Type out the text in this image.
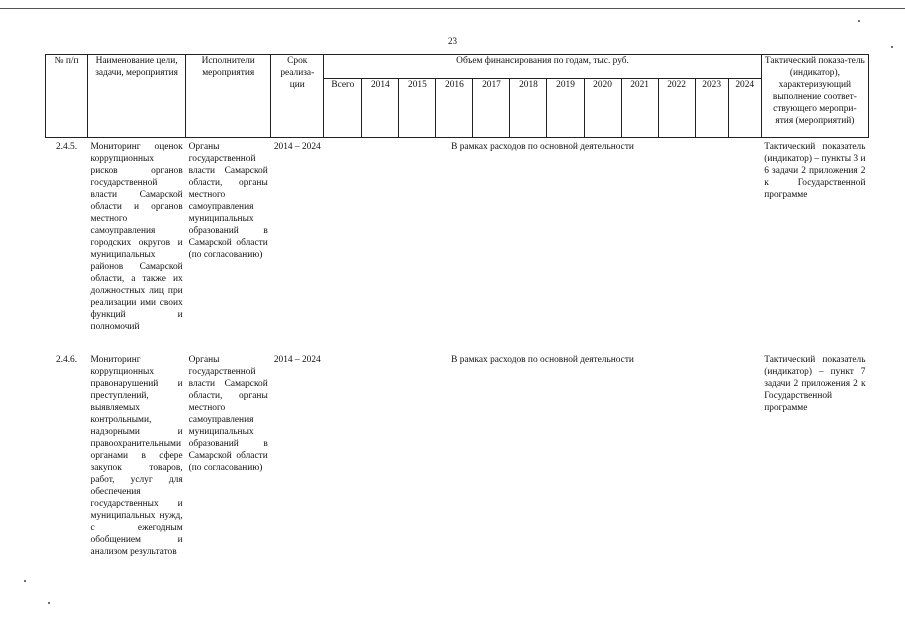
23
№ п/п	Наименование цели, задачи, мероприятия	Исполнители мероприятия	Срок реализа-ции	Объем финансирования по годам, тыс. руб.												Тактический показа-тель (индикатор), характеризующий выполнение соответ-ствующего меропри-ятия (мероприятий)
				Всего	2014	2015	2016	2017	2018	2019	2020	2021	2022	2023	2024	
2.4.5.	Мониторинг оценок коррупционных рисков органов государственной власти Самарской области и органов местного самоуправления городских округов и муниципальных районов Самарской области, а также их должностных лиц при реализации ими своих функций и полномочий	Органы государственной власти Самарской области, органы местного самоуправления муниципальных образований в Самарской области (по согласованию)	2014 – 2024	В рамках расходов по основной деятельности												Тактический показатель (индикатор) – пункты 3 и 6 задачи 2 приложения 2 к Государственной программе
2.4.6.	Мониторинг коррупционных правонарушений и преступлений, выявляемых контрольными, надзорными и правоохранительными органами в сфере закупок товаров, работ, услуг для обеспечения государственных и муниципальных нужд, с ежегодным обобщением и анализом результатов	Органы государственной власти Самарской области, органы местного самоуправления муниципальных образований в Самарской области (по согласованию)	2014 – 2024	В рамках расходов по основной деятельности												Тактический показатель (индикатор) – пункт 7 задачи 2 приложения 2 к Государственной программе
